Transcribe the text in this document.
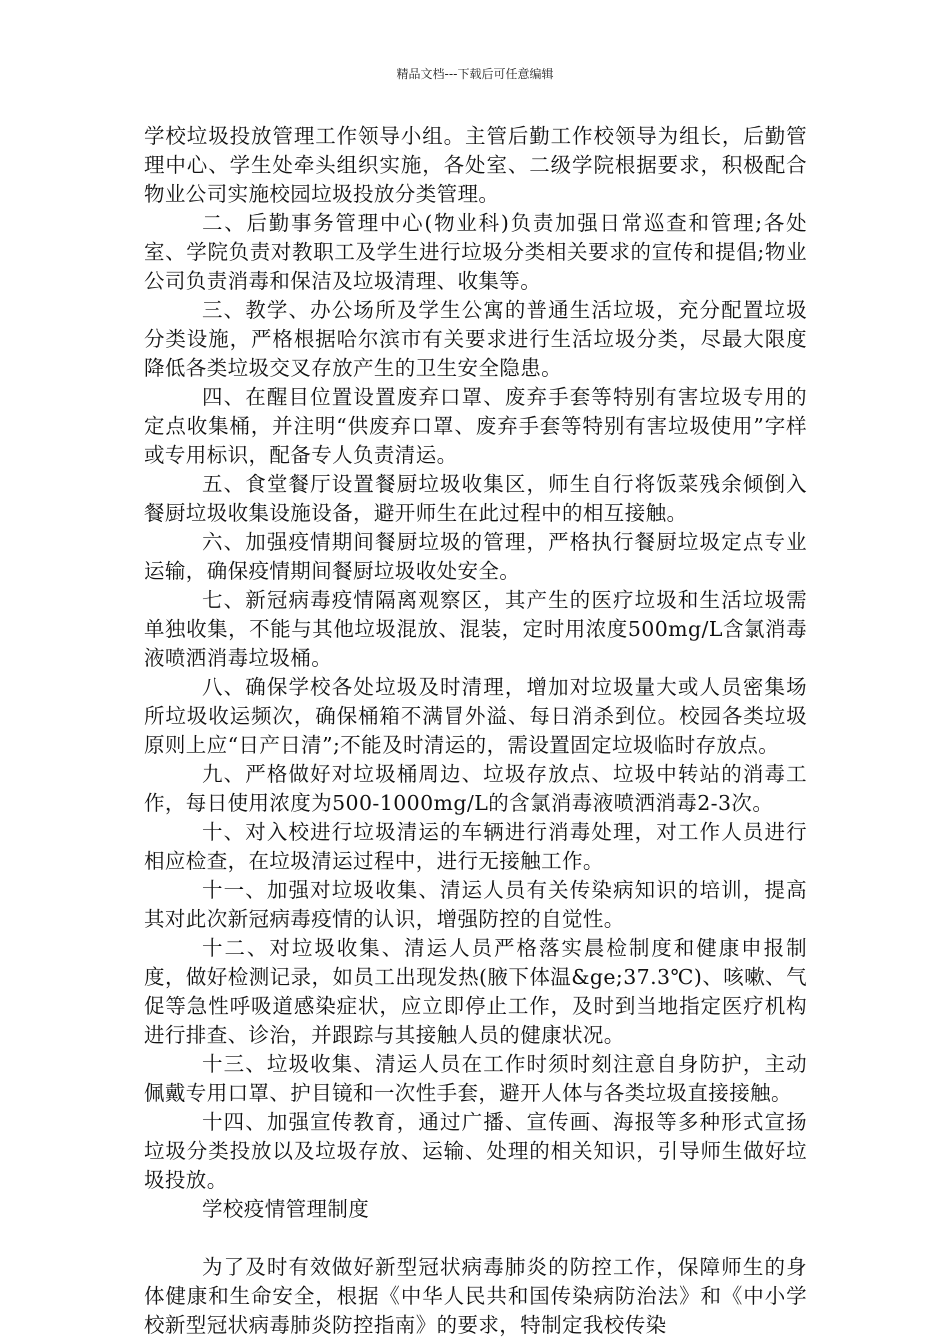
精品文档---下载后可任意编辑

学校垃圾投放管理工作领导小组。主管后勤工作校领导为组长，后勤管理中心、学生处牵头组织实施，各处室、二级学院根据要求，积极配合物业公司实施校园垃圾投放分类管理。

二、后勤事务管理中心(物业科)负责加强日常巡查和管理;各处室、学院负责对教职工及学生进行垃圾分类相关要求的宣传和提倡;物业公司负责消毒和保洁及垃圾清理、收集等。

三、教学、办公场所及学生公寓的普通生活垃圾，充分配置垃圾分类设施，严格根据哈尔滨市有关要求进行生活垃圾分类，尽最大限度降低各类垃圾交叉存放产生的卫生安全隐患。

四、在醒目位置设置废弃口罩、废弃手套等特别有害垃圾专用的定点收集桶，并注明“供废弃口罩、废弃手套等特别有害垃圾使用”字样或专用标识，配备专人负责清运。

五、食堂餐厅设置餐厨垃圾收集区，师生自行将饭菜残余倾倒入餐厨垃圾收集设施设备，避开师生在此过程中的相互接触。

六、加强疫情期间餐厨垃圾的管理，严格执行餐厨垃圾定点专业运输，确保疫情期间餐厨垃圾收处安全。

七、新冠病毒疫情隔离观察区，其产生的医疗垃圾和生活垃圾需单独收集，不能与其他垃圾混放、混装，定时用浓度500mg/L含氯消毒液喷洒消毒垃圾桶。

八、确保学校各处垃圾及时清理，增加对垃圾量大或人员密集场所垃圾收运频次，确保桶箱不满冒外溢、每日消杀到位。校园各类垃圾原则上应“日产日清”;不能及时清运的，需设置固定垃圾临时存放点。

九、严格做好对垃圾桶周边、垃圾存放点、垃圾中转站的消毒工作，每日使用浓度为500-1000mg/L的含氯消毒液喷洒消毒2-3次。

十、对入校进行垃圾清运的车辆进行消毒处理，对工作人员进行相应检查，在垃圾清运过程中，进行无接触工作。

十一、加强对垃圾收集、清运人员有关传染病知识的培训，提高其对此次新冠病毒疫情的认识，增强防控的自觉性。

十二、对垃圾收集、清运人员严格落实晨检制度和健康申报制度，做好检测记录，如员工出现发热(腋下体温&ge;37.3℃)、咳嗽、气促等急性呼吸道感染症状，应立即停止工作，及时到当地指定医疗机构进行排查、诊治，并跟踪与其接触人员的健康状况。

十三、垃圾收集、清运人员在工作时须时刻注意自身防护，主动佩戴专用口罩、护目镜和一次性手套，避开人体与各类垃圾直接接触。

十四、加强宣传教育，通过广播、宣传画、海报等多种形式宣扬垃圾分类投放以及垃圾存放、运输、处理的相关知识，引导师生做好垃圾投放。

学校疫情管理制度

为了及时有效做好新型冠状病毒肺炎的防控工作，保障师生的身体健康和生命安全，根据《中华人民共和国传染病防治法》和《中小学校新型冠状病毒肺炎防控指南》的要求，特制定我校传染
